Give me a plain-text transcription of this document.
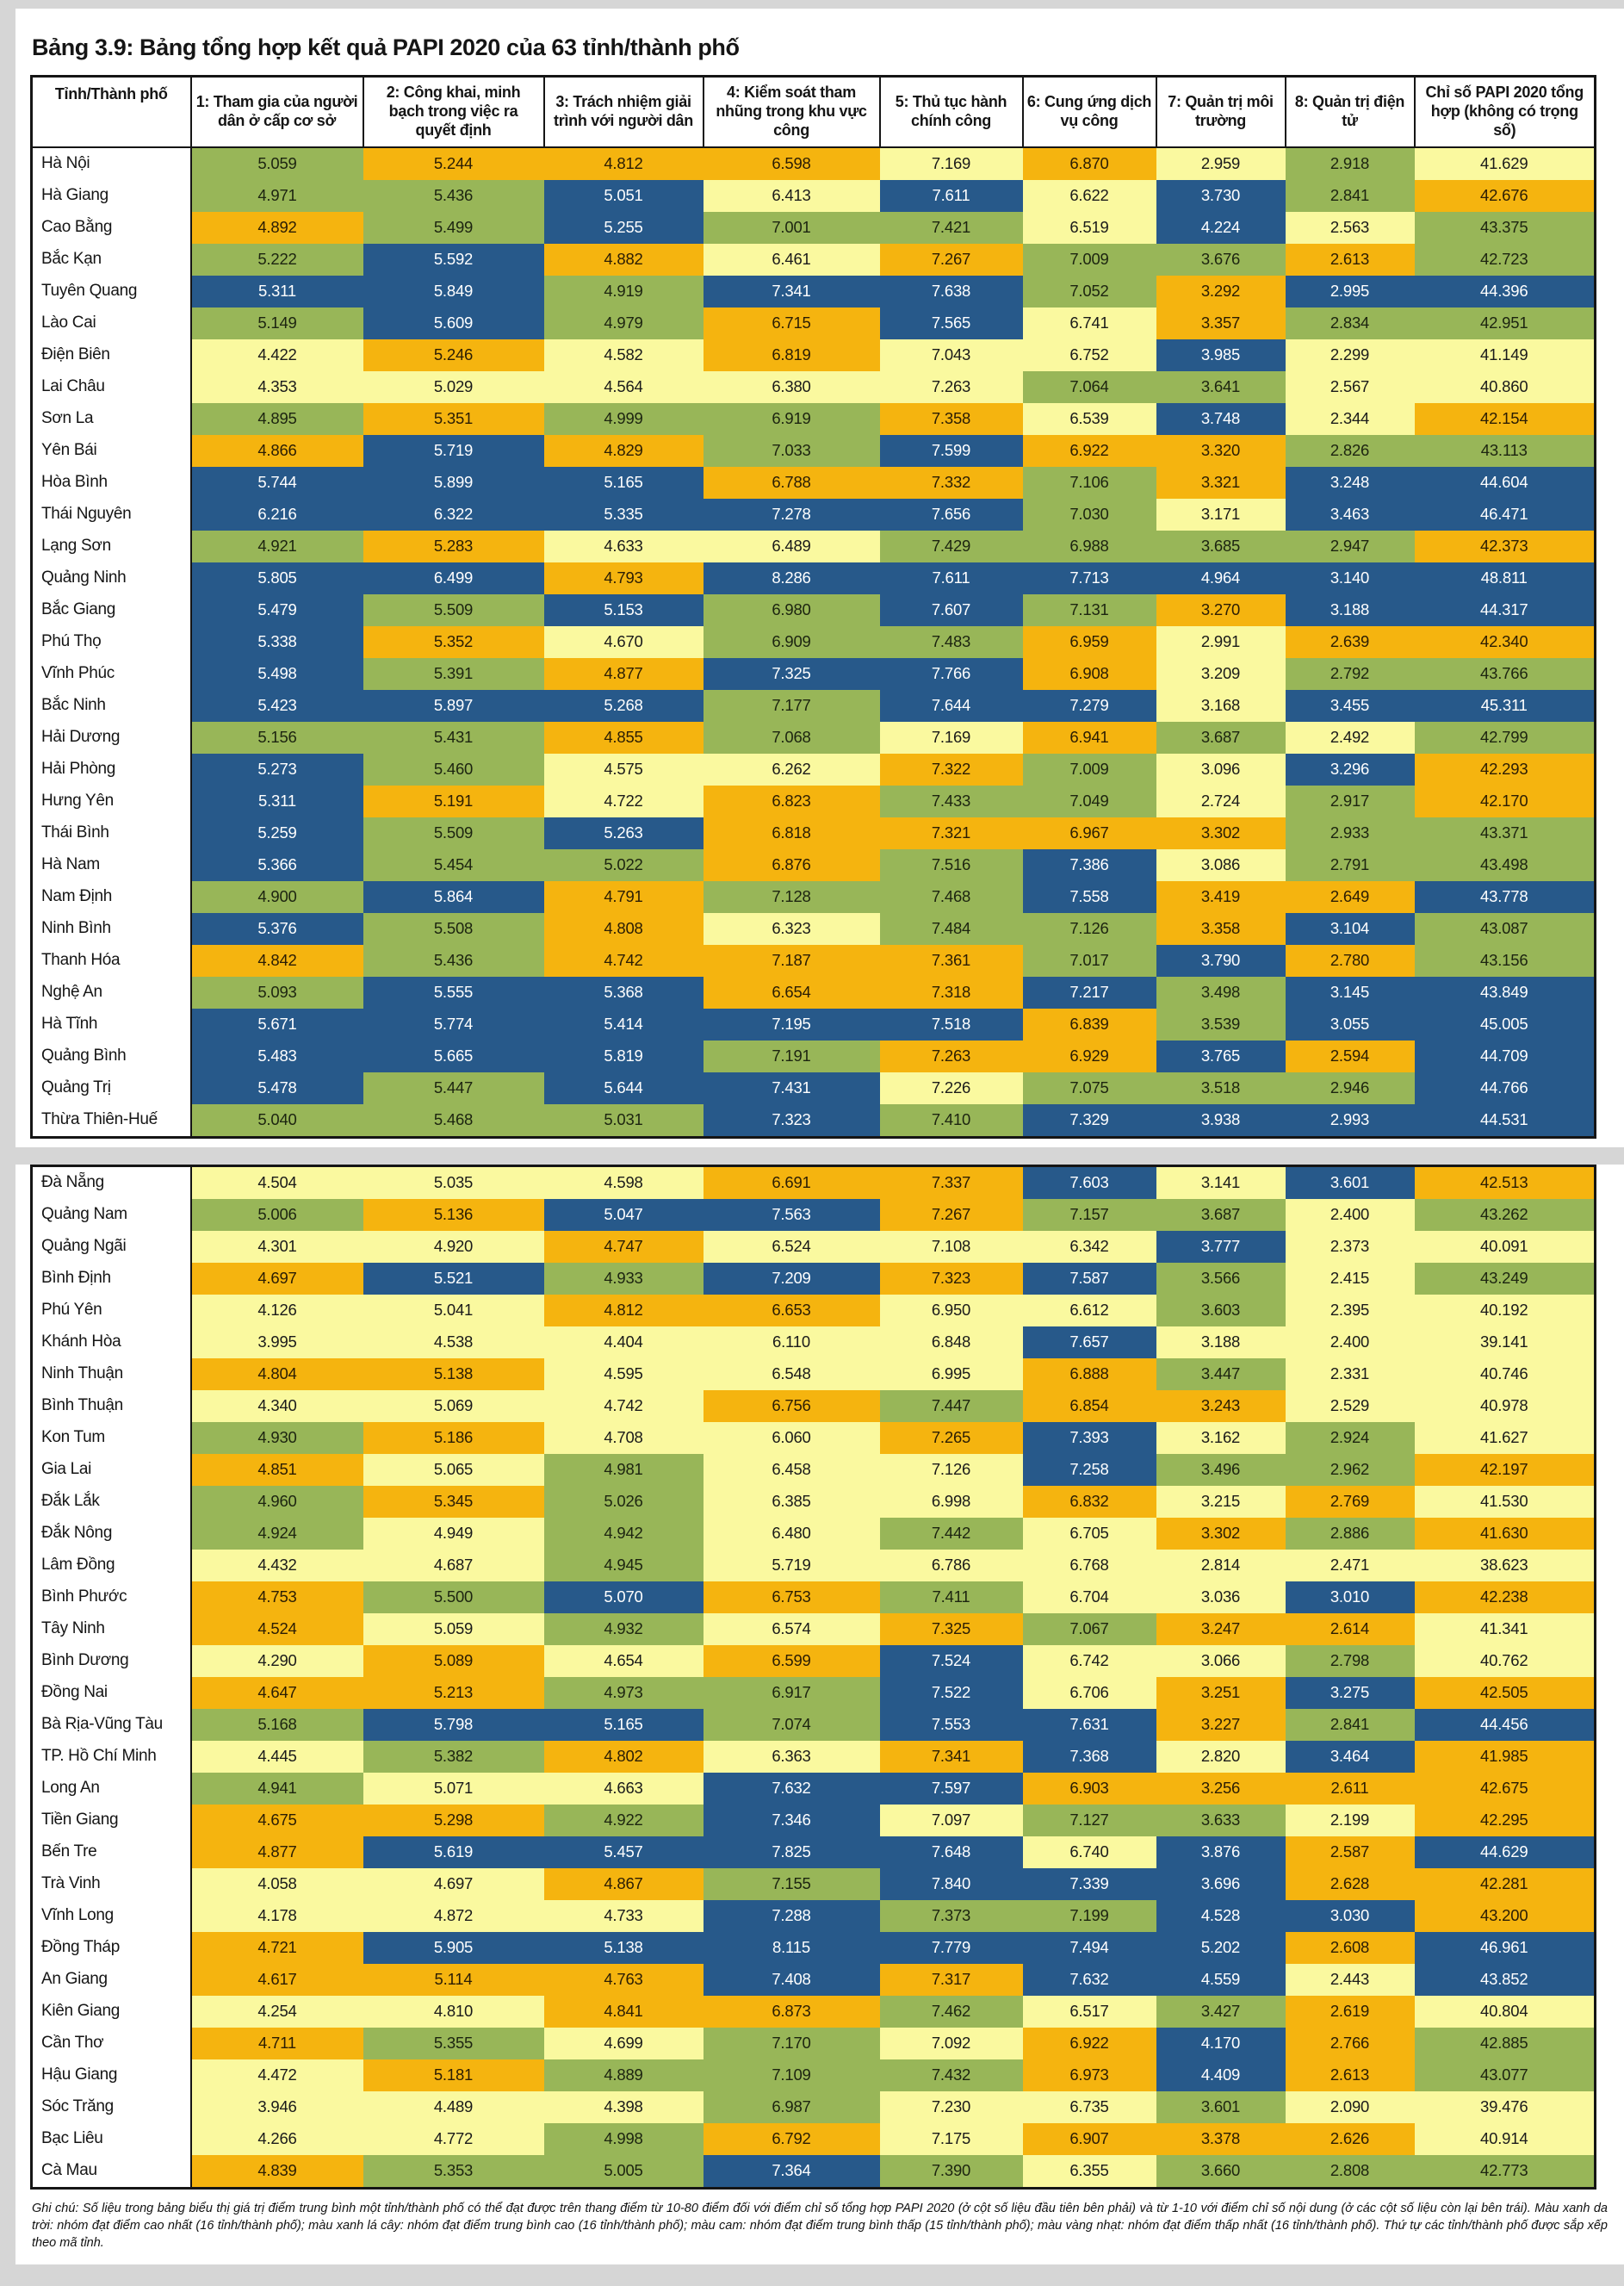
Bảng 3.9: Bảng tổng hợp kết quả PAPI 2020 của 63 tỉnh/thành phố
Tỉnh/Thành phố	1: Tham gia của người dân ở cấp cơ sở	2: Công khai, minh bạch trong việc ra quyết định	3: Trách nhiệm giải trình với người dân	4: Kiểm soát tham nhũng trong khu vực công	5: Thủ tục hành chính công	6: Cung ứng dịch vụ công	7: Quản trị môi trường	8: Quản trị điện tử	Chỉ số PAPI 2020 tổng hợp (không có trọng số)
Hà Nội	5.059	5.244	4.812	6.598	7.169	6.870	2.959	2.918	41.629
Hà Giang	4.971	5.436	5.051	6.413	7.611	6.622	3.730	2.841	42.676
Cao Bằng	4.892	5.499	5.255	7.001	7.421	6.519	4.224	2.563	43.375
Bắc Kạn	5.222	5.592	4.882	6.461	7.267	7.009	3.676	2.613	42.723
Tuyên Quang	5.311	5.849	4.919	7.341	7.638	7.052	3.292	2.995	44.396
Lào Cai	5.149	5.609	4.979	6.715	7.565	6.741	3.357	2.834	42.951
Điện Biên	4.422	5.246	4.582	6.819	7.043	6.752	3.985	2.299	41.149
Lai Châu	4.353	5.029	4.564	6.380	7.263	7.064	3.641	2.567	40.860
Sơn La	4.895	5.351	4.999	6.919	7.358	6.539	3.748	2.344	42.154
Yên Bái	4.866	5.719	4.829	7.033	7.599	6.922	3.320	2.826	43.113
Hòa Bình	5.744	5.899	5.165	6.788	7.332	7.106	3.321	3.248	44.604
Thái Nguyên	6.216	6.322	5.335	7.278	7.656	7.030	3.171	3.463	46.471
Lạng Sơn	4.921	5.283	4.633	6.489	7.429	6.988	3.685	2.947	42.373
Quảng Ninh	5.805	6.499	4.793	8.286	7.611	7.713	4.964	3.140	48.811
Bắc Giang	5.479	5.509	5.153	6.980	7.607	7.131	3.270	3.188	44.317
Phú Thọ	5.338	5.352	4.670	6.909	7.483	6.959	2.991	2.639	42.340
Vĩnh Phúc	5.498	5.391	4.877	7.325	7.766	6.908	3.209	2.792	43.766
Bắc Ninh	5.423	5.897	5.268	7.177	7.644	7.279	3.168	3.455	45.311
Hải Dương	5.156	5.431	4.855	7.068	7.169	6.941	3.687	2.492	42.799
Hải Phòng	5.273	5.460	4.575	6.262	7.322	7.009	3.096	3.296	42.293
Hưng Yên	5.311	5.191	4.722	6.823	7.433	7.049	2.724	2.917	42.170
Thái Bình	5.259	5.509	5.263	6.818	7.321	6.967	3.302	2.933	43.371
Hà Nam	5.366	5.454	5.022	6.876	7.516	7.386	3.086	2.791	43.498
Nam Định	4.900	5.864	4.791	7.128	7.468	7.558	3.419	2.649	43.778
Ninh Bình	5.376	5.508	4.808	6.323	7.484	7.126	3.358	3.104	43.087
Thanh Hóa	4.842	5.436	4.742	7.187	7.361	7.017	3.790	2.780	43.156
Nghệ An	5.093	5.555	5.368	6.654	7.318	7.217	3.498	3.145	43.849
Hà Tĩnh	5.671	5.774	5.414	7.195	7.518	6.839	3.539	3.055	45.005
Quảng Bình	5.483	5.665	5.819	7.191	7.263	6.929	3.765	2.594	44.709
Quảng Trị	5.478	5.447	5.644	7.431	7.226	7.075	3.518	2.946	44.766
Thừa Thiên-Huế	5.040	5.468	5.031	7.323	7.410	7.329	3.938	2.993	44.531
Đà Nẵng	4.504	5.035	4.598	6.691	7.337	7.603	3.141	3.601	42.513
Quảng Nam	5.006	5.136	5.047	7.563	7.267	7.157	3.687	2.400	43.262
Quảng Ngãi	4.301	4.920	4.747	6.524	7.108	6.342	3.777	2.373	40.091
Bình Định	4.697	5.521	4.933	7.209	7.323	7.587	3.566	2.415	43.249
Phú Yên	4.126	5.041	4.812	6.653	6.950	6.612	3.603	2.395	40.192
Khánh Hòa	3.995	4.538	4.404	6.110	6.848	7.657	3.188	2.400	39.141
Ninh Thuận	4.804	5.138	4.595	6.548	6.995	6.888	3.447	2.331	40.746
Bình Thuận	4.340	5.069	4.742	6.756	7.447	6.854	3.243	2.529	40.978
Kon Tum	4.930	5.186	4.708	6.060	7.265	7.393	3.162	2.924	41.627
Gia Lai	4.851	5.065	4.981	6.458	7.126	7.258	3.496	2.962	42.197
Đắk Lắk	4.960	5.345	5.026	6.385	6.998	6.832	3.215	2.769	41.530
Đắk Nông	4.924	4.949	4.942	6.480	7.442	6.705	3.302	2.886	41.630
Lâm Đồng	4.432	4.687	4.945	5.719	6.786	6.768	2.814	2.471	38.623
Bình Phước	4.753	5.500	5.070	6.753	7.411	6.704	3.036	3.010	42.238
Tây Ninh	4.524	5.059	4.932	6.574	7.325	7.067	3.247	2.614	41.341
Bình Dương	4.290	5.089	4.654	6.599	7.524	6.742	3.066	2.798	40.762
Đồng Nai	4.647	5.213	4.973	6.917	7.522	6.706	3.251	3.275	42.505
Bà Rịa-Vũng Tàu	5.168	5.798	5.165	7.074	7.553	7.631	3.227	2.841	44.456
TP. Hồ Chí Minh	4.445	5.382	4.802	6.363	7.341	7.368	2.820	3.464	41.985
Long An	4.941	5.071	4.663	7.632	7.597	6.903	3.256	2.611	42.675
Tiền Giang	4.675	5.298	4.922	7.346	7.097	7.127	3.633	2.199	42.295
Bến Tre	4.877	5.619	5.457	7.825	7.648	6.740	3.876	2.587	44.629
Trà Vinh	4.058	4.697	4.867	7.155	7.840	7.339	3.696	2.628	42.281
Vĩnh Long	4.178	4.872	4.733	7.288	7.373	7.199	4.528	3.030	43.200
Đồng Tháp	4.721	5.905	5.138	8.115	7.779	7.494	5.202	2.608	46.961
An Giang	4.617	5.114	4.763	7.408	7.317	7.632	4.559	2.443	43.852
Kiên Giang	4.254	4.810	4.841	6.873	7.462	6.517	3.427	2.619	40.804
Cần Thơ	4.711	5.355	4.699	7.170	7.092	6.922	4.170	2.766	42.885
Hậu Giang	4.472	5.181	4.889	7.109	7.432	6.973	4.409	2.613	43.077
Sóc Trăng	3.946	4.489	4.398	6.987	7.230	6.735	3.601	2.090	39.476
Bạc Liêu	4.266	4.772	4.998	6.792	7.175	6.907	3.378	2.626	40.914
Cà Mau	4.839	5.353	5.005	7.364	7.390	6.355	3.660	2.808	42.773

Ghi chú: Số liệu trong bảng biểu thị giá trị điểm trung bình một tỉnh/thành phố có thể đạt được trên thang điểm từ 10-80 điểm đối với điểm chỉ số tổng hợp PAPI 2020 (ở cột số liệu đầu tiên bên phải) và từ 1-10 với điểm chỉ số nội dung (ở các cột số liệu còn lại bên trái). Màu xanh da trời: nhóm đạt điểm cao nhất (16 tỉnh/thành phố); màu xanh lá cây: nhóm đạt điểm trung bình cao (16 tỉnh/thành phố); màu cam: nhóm đạt điểm trung bình thấp (15 tỉnh/thành phố); màu vàng nhạt: nhóm đạt điểm thấp nhất (16 tỉnh/thành phố). Thứ tự các tỉnh/thành phố được sắp xếp theo mã tỉnh.
